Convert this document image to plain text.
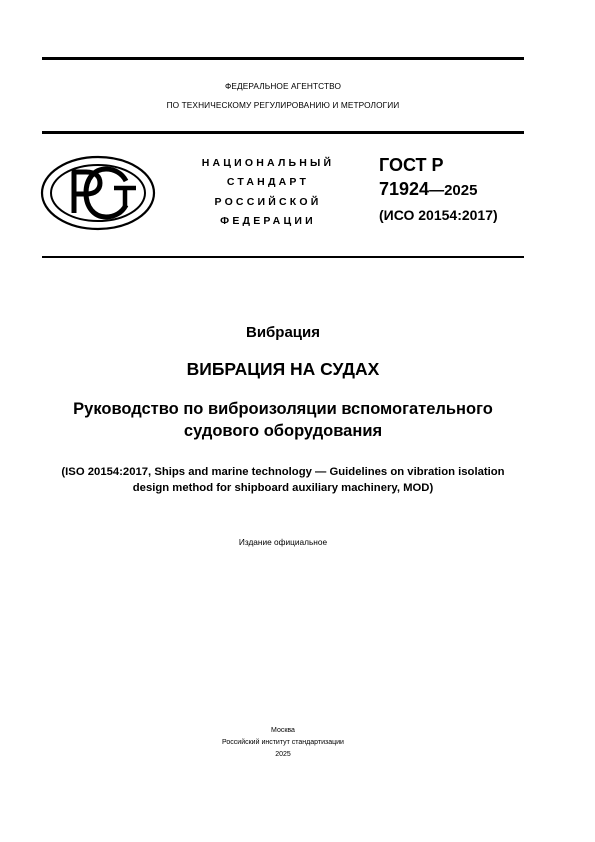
ФЕДЕРАЛЬНОЕ АГЕНТСТВО
ПО ТЕХНИЧЕСКОМУ РЕГУЛИРОВАНИЮ И МЕТРОЛОГИИ
НАЦИОНАЛЬНЫЙ
СТАНДАРТ
РОССИЙСКОЙ
ФЕДЕРАЦИИ
ГОСТ Р
71924—2025
(ИСО 20154:2017)
Вибрация
ВИБРАЦИЯ НА СУДАХ
Руководство по виброизоляции вспомогательного
судового оборудования
(ISO 20154:2017, Ships and marine technology — Guidelines on vibration isolation
design method for shipboard auxiliary machinery, MOD)
Издание официальное
Москва
Российский институт стандартизации
2025
